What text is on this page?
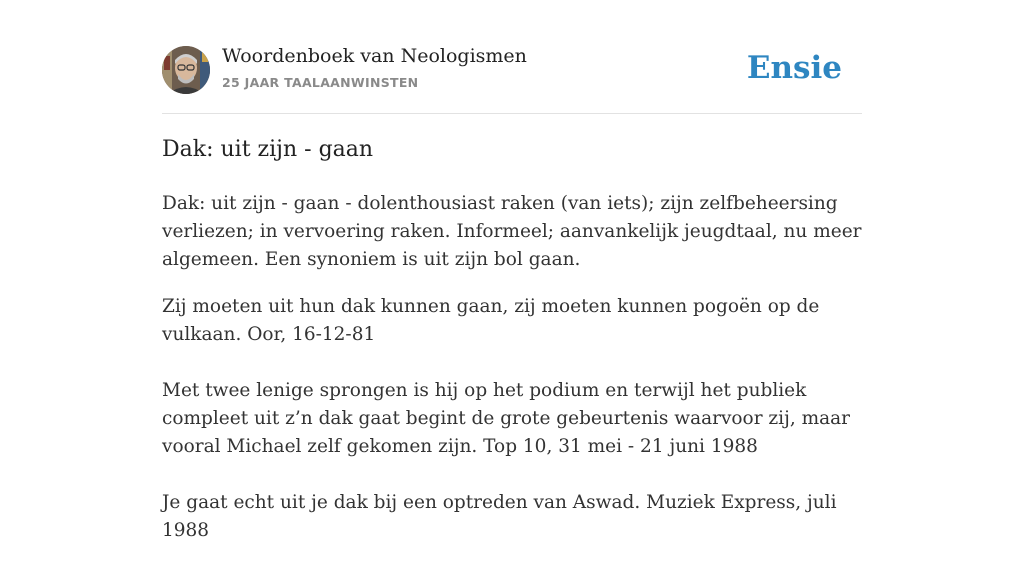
Woordenboek van Neologismen
25 JAAR TAALAANWINSTEN	Ensie
Dak: uit zijn - gaan

Dak: uit zijn - gaan - dolenthousiast raken (van iets); zijn zelfbeheersing verliezen; in vervoering raken. Informeel; aanvankelijk jeugdtaal, nu meer algemeen. Een synoniem is uit zijn bol gaan.

Zij moeten uit hun dak kunnen gaan, zij moeten kunnen pogoën op de vulkaan. Oor, 16-12-81

Met twee lenige sprongen is hij op het podium en terwijl het publiek compleet uit z’n dak gaat begint de grote gebeurtenis waarvoor zij, maar vooral Michael zelf gekomen zijn. Top 10, 31 mei - 21 juni 1988

Je gaat echt uit je dak bij een optreden van Aswad. Muziek Express, juli 1988
